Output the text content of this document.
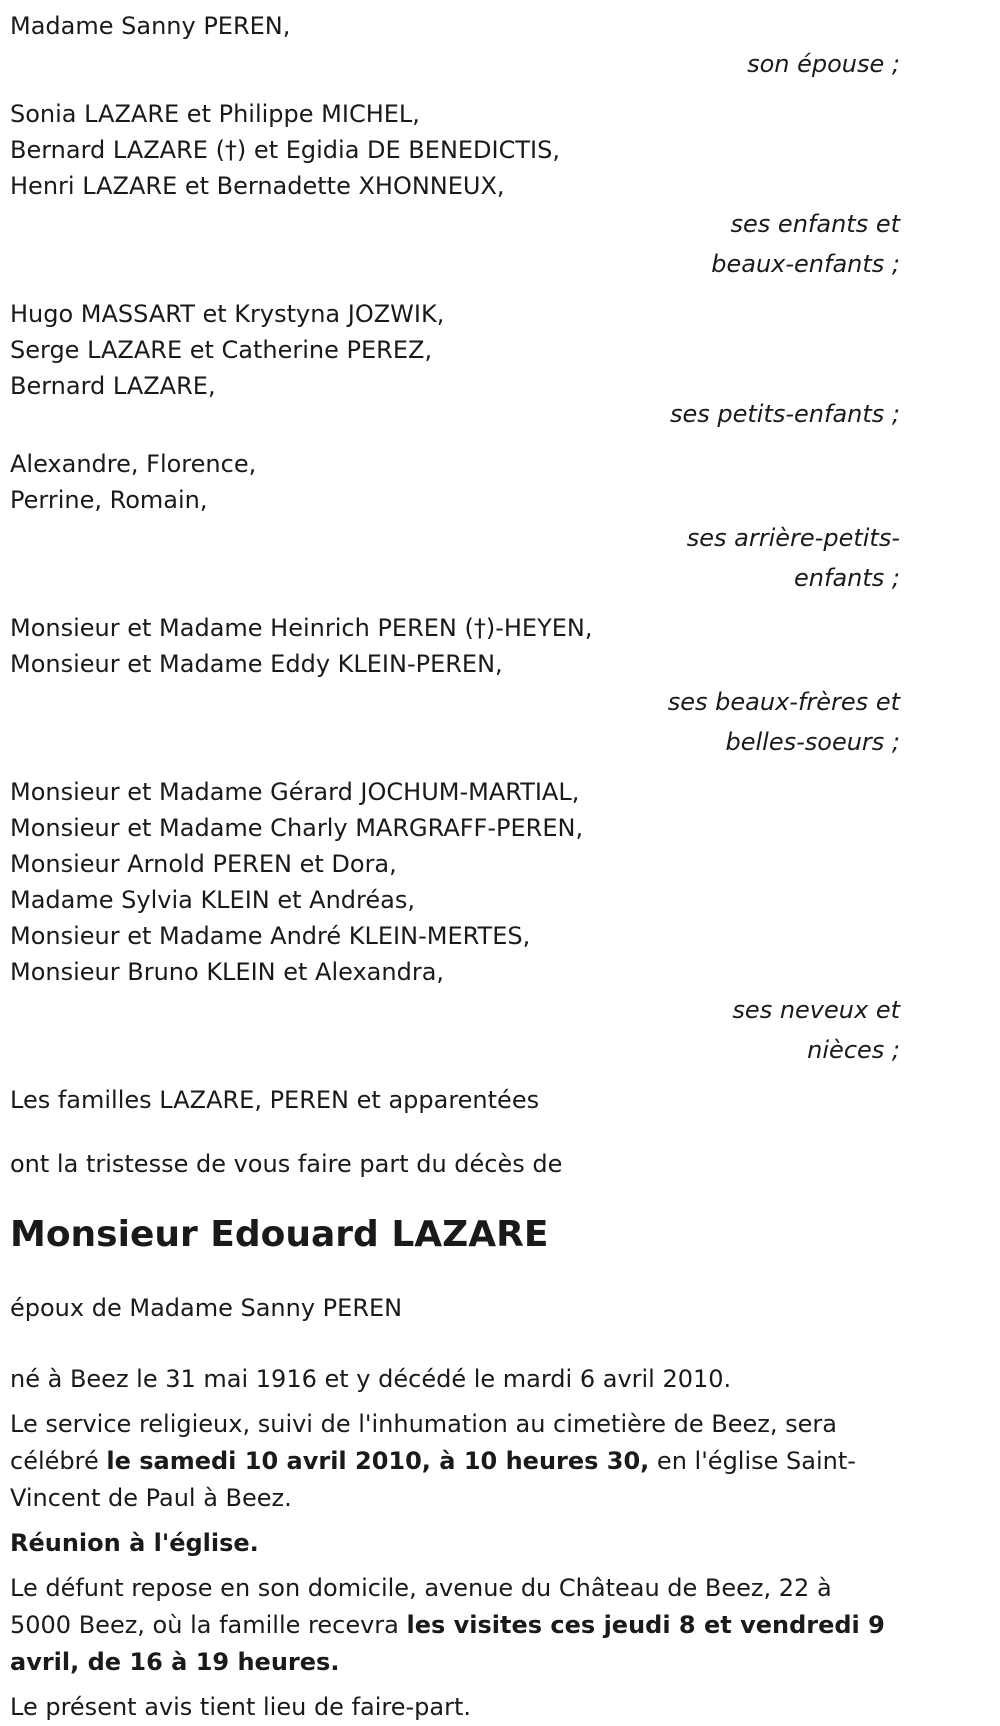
Madame Sanny PEREN,
son épouse ;
Sonia LAZARE et Philippe MICHEL,
Bernard LAZARE (†) et Egidia DE BENEDICTIS,
Henri LAZARE et Bernadette XHONNEUX,
ses enfants et
beaux-enfants ;
Hugo MASSART et Krystyna JOZWIK,
Serge LAZARE et Catherine PEREZ,
Bernard LAZARE,
ses petits-enfants ;
Alexandre, Florence,
Perrine, Romain,
ses arrière-petits-
enfants ;
Monsieur et Madame Heinrich PEREN (†)-HEYEN,
Monsieur et Madame Eddy KLEIN-PEREN,
ses beaux-frères et
belles-soeurs ;
Monsieur et Madame Gérard JOCHUM-MARTIAL,
Monsieur et Madame Charly MARGRAFF-PEREN,
Monsieur Arnold PEREN et Dora,
Madame Sylvia KLEIN et Andréas,
Monsieur et Madame André KLEIN-MERTES,
Monsieur Bruno KLEIN et Alexandra,
ses neveux et
nièces ;
Les familles LAZARE, PEREN et apparentées
ont la tristesse de vous faire part du décès de
Monsieur Edouard LAZARE
époux de Madame Sanny PEREN
né à Beez le 31 mai 1916 et y décédé le mardi 6 avril 2010.
Le service religieux, suivi de l'inhumation au cimetière de Beez, sera célébré le samedi 10 avril 2010, à 10 heures 30, en l'église Saint-Vincent de Paul à Beez.
Réunion à l'église.
Le défunt repose en son domicile, avenue du Château de Beez, 22 à 5000 Beez, où la famille recevra les visites ces jeudi 8 et vendredi 9 avril, de 16 à 19 heures.
Le présent avis tient lieu de faire-part.
